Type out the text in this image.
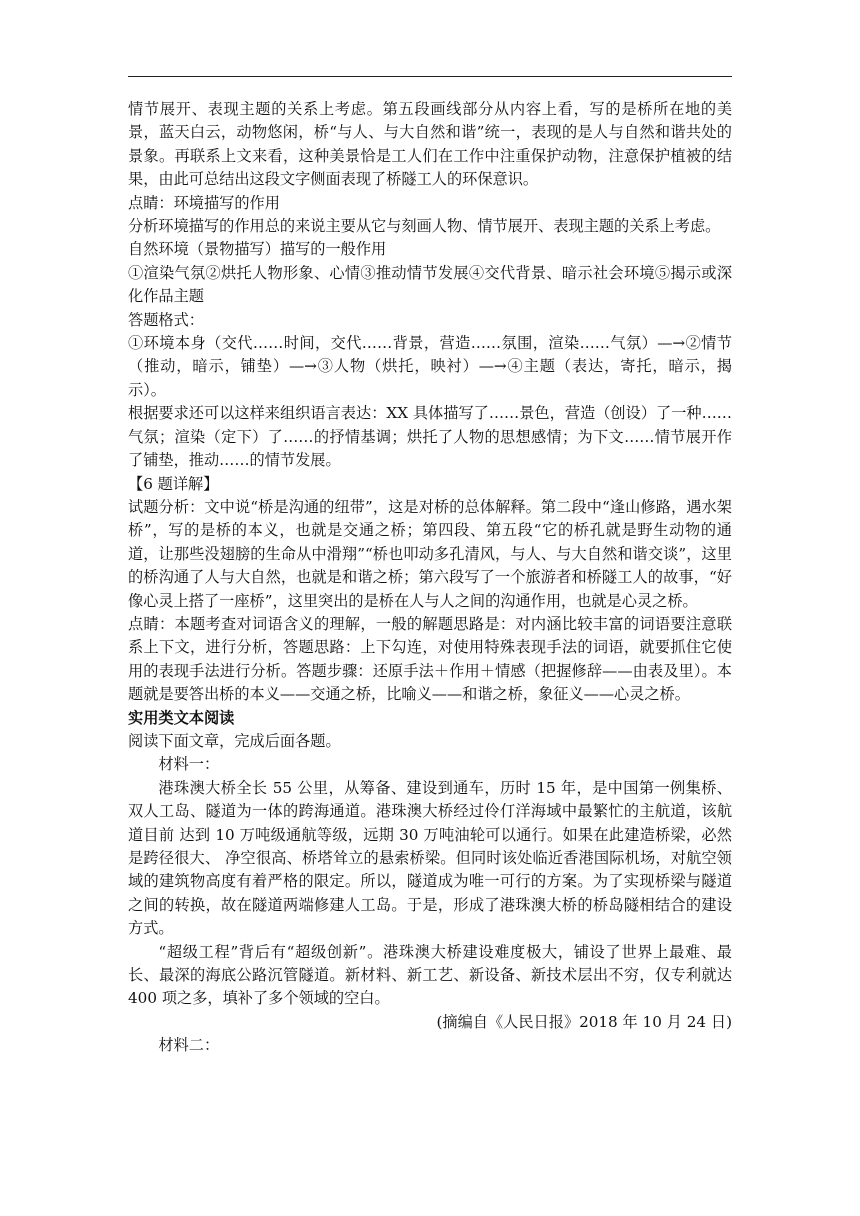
情节展开、表现主题的关系上考虑。第五段画线部分从内容上看，写的是桥所在地的美景，蓝天白云，动物悠闲，桥“与人、与大自然和谐”统一，表现的是人与自然和谐共处的景象。再联系上文来看，这种美景恰是工人们在工作中注重保护动物，注意保护植被的结果，由此可总结出这段文字侧面表现了桥隧工人的环保意识。

点睛：环境描写的作用

分析环境描写的作用总的来说主要从它与刻画人物、情节展开、表现主题的关系上考虑。

自然环境（景物描写）描写的一般作用

①渲染气氛②烘托人物形象、心情③推动情节发展④交代背景、暗示社会环境⑤揭示或深化作品主题

答题格式：

①环境本身（交代……时间，交代……背景，营造……氛围，渲染……气氛）—→②情节（推动，暗示，铺垫）—→③人物（烘托，映衬）—→④主题（表达，寄托，暗示，揭示）。

根据要求还可以这样来组织语言表达：XX 具体描写了……景色，营造（创设）了一种……气氛；渲染（定下）了……的抒情基调；烘托了人物的思想感情；为下文……情节展开作了铺垫，推动……的情节发展。

【6 题详解】

试题分析：文中说“桥是沟通的纽带”，这是对桥的总体解释。第二段中“逢山修路，遇水架桥”，写的是桥的本义，也就是交通之桥；第四段、第五段“它的桥孔就是野生动物的通道，让那些没翅膀的生命从中滑翔”“桥也叩动多孔清风，与人、与大自然和谐交谈”，这里的桥沟通了人与大自然，也就是和谐之桥；第六段写了一个旅游者和桥隧工人的故事，“好像心灵上搭了一座桥”，这里突出的是桥在人与人之间的沟通作用，也就是心灵之桥。

点睛：本题考查对词语含义的理解，一般的解题思路是：对内涵比较丰富的词语要注意联系上下文，进行分析，答题思路：上下勾连，对使用特殊表现手法的词语，就要抓住它使用的表现手法进行分析。答题步骤：还原手法＋作用＋情感（把握修辞——由表及里）。本题就是要答出桥的本义——交通之桥，比喻义——和谐之桥，象征义——心灵之桥。

实用类文本阅读

阅读下面文章，完成后面各题。

材料一：

港珠澳大桥全长 55 公里，从筹备、建设到通车，历时 15 年，是中国第一例集桥、双人工岛、隧道为一体的跨海通道。港珠澳大桥经过伶仃洋海域中最繁忙的主航道，该航道目前 达到 10 万吨级通航等级，远期 30 万吨油轮可以通行。如果在此建造桥梁，必然是跨径很大、 净空很高、桥塔耸立的悬索桥梁。但同时该处临近香港国际机场，对航空领域的建筑物高度有着严格的限定。所以，隧道成为唯一可行的方案。为了实现桥梁与隧道之间的转换，故在隧道两端修建人工岛。于是，形成了港珠澳大桥的桥岛隧相结合的建设方式。

“超级工程”背后有“超级创新”。港珠澳大桥建设难度极大，铺设了世界上最难、最长、最深的海底公路沉管隧道。新材料、新工艺、新设备、新技术层出不穷，仅专利就达 400 项之多，填补了多个领域的空白。

(摘编自《人民日报》2018 年 10 月 24 日)

材料二：
